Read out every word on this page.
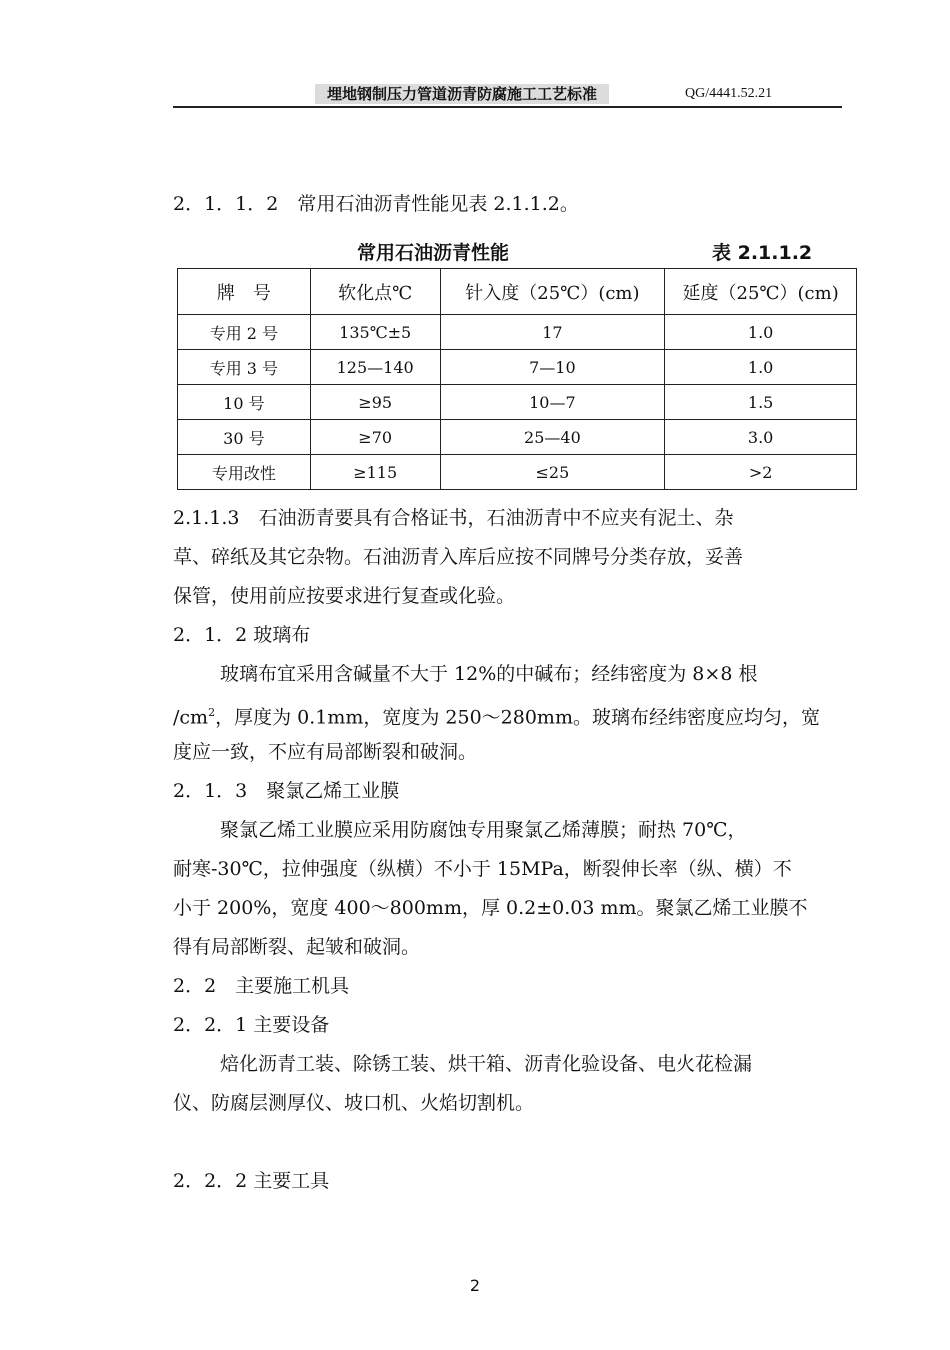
埋地钢制压力管道沥青防腐施工工艺标准	QG/4441.52.21
2．1．1．2　常用石油沥青性能见表 2.1.1.2。
常用石油沥青性能	表 2.1.1.2
牌　号	软化点℃	针入度（25℃）(cm)	延度（25℃）(cm)
专用 2 号	135℃±5	17	1.0
专用 3 号	125—140	7—10	1.0
10 号	≥95	10—7	1.5
30 号	≥70	25—40	3.0
专用改性	≥115	≤25	>2
2.1.1.3　石油沥青要具有合格证书，石油沥青中不应夹有泥土、杂
草、碎纸及其它杂物。石油沥青入库后应按不同牌号分类存放，妥善
保管，使用前应按要求进行复查或化验。
2．1．2 玻璃布
玻璃布宜采用含碱量不大于 12%的中碱布；经纬密度为 8×8 根
$/cm^2$，厚度为 0.1mm，宽度为 250～280mm。玻璃布经纬密度应均匀，宽
度应一致，不应有局部断裂和破洞。
2．1．3　聚氯乙烯工业膜
聚氯乙烯工业膜应采用防腐蚀专用聚氯乙烯薄膜；耐热 70℃，
耐寒-30℃，拉伸强度（纵横）不小于 15MPa，断裂伸长率（纵、横）不
小于 200%，宽度 400～800mm，厚 0.2±0.03 mm。聚氯乙烯工业膜不
得有局部断裂、起皱和破洞。
2．2　主要施工机具
2．2．1 主要设备
焙化沥青工装、除锈工装、烘干箱、沥青化验设备、电火花检漏
仪、防腐层测厚仪、坡口机、火焰切割机。
2．2．2 主要工具
2
